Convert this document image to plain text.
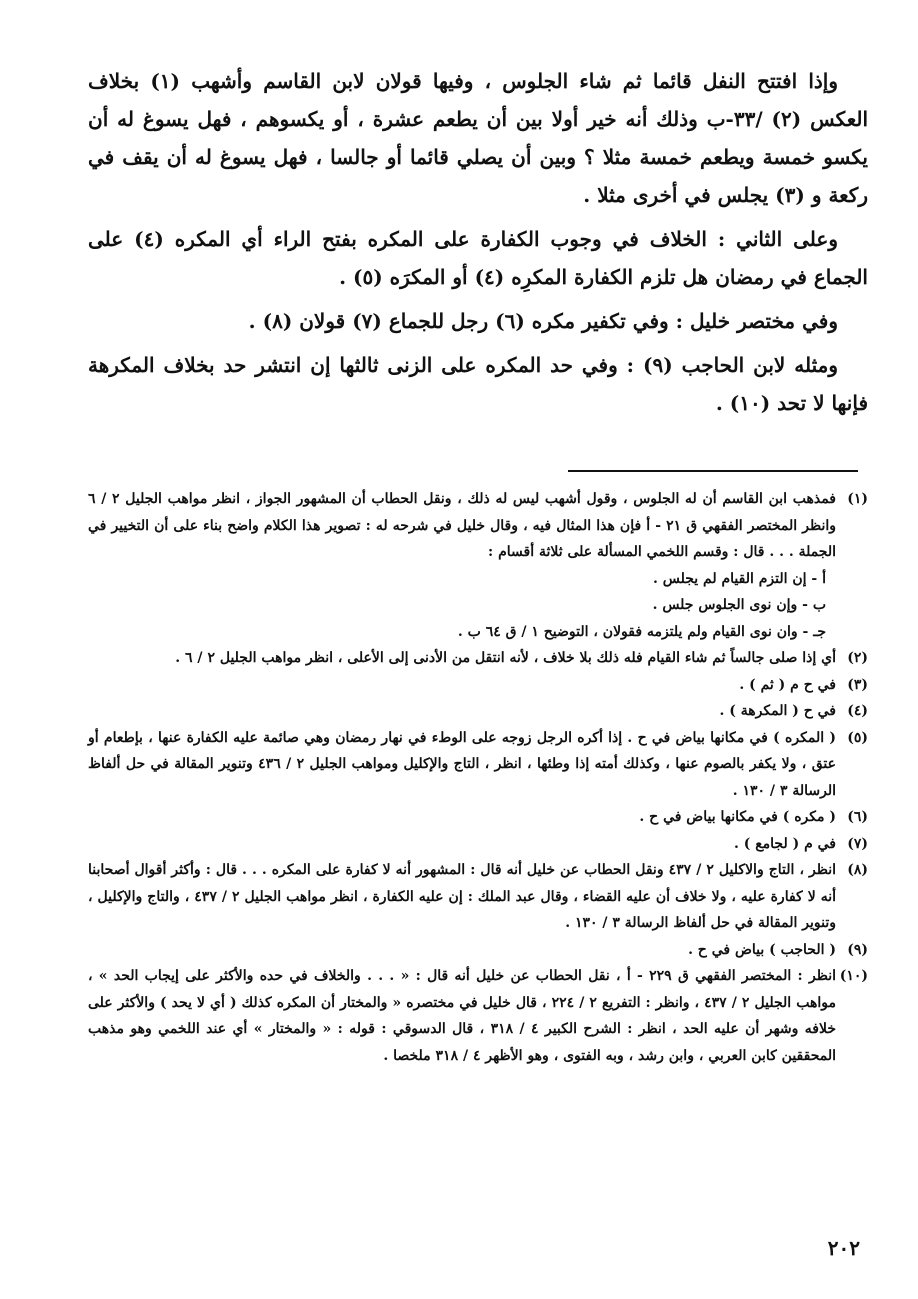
وإذا افتتح النفل قائما ثم شاء الجلوس ، وفيها قولان لابن القاسم وأشهب (١) بخلاف العكس (٢) /٣٣-ب وذلك أنه خير أولا بين أن يطعم عشرة ، أو يكسوهم ، فهل يسوغ له أن يكسو خمسة ويطعم خمسة مثلا ؟ وبين أن يصلي قائما أو جالسا ، فهل يسوغ له أن يقف في ركعة و (٣) يجلس في أخرى مثلا .

وعلى الثاني : الخلاف في وجوب الكفارة على المكره بفتح الراء أي المكره (٤) على الجماع في رمضان هل تلزم الكفارة المكرِه (٤) أو المكرَه (٥) .

وفي مختصر خليل : وفي تكفير مكره (٦) رجل للجماع (٧) قولان (٨) .

ومثله لابن الحاجب (٩) : وفي حد المكره على الزنى ثالثها إن انتشر حد بخلاف المكرهة فإنها لا تحد (١٠) .

(١)
فمذهب ابن القاسم أن له الجلوس ، وقول أشهب ليس له ذلك ، ونقل الحطاب أن المشهور الجواز ، انظر مواهب الجليل ٢ / ٦ وانظر المختصر الفقهي ق ٢١ - أ فإن هذا المثال فيه ، وقال خليل في شرحه له : تصوير هذا الكلام واضح بناء على أن التخيير في الجملة . . . قال : وقسم اللخمي المسألة على ثلاثة أقسام :
أ - إن التزم القيام لم يجلس .
ب - وإن نوى الجلوس جلس .
جـ - وان نوى القيام ولم يلتزمه فقولان ، التوضيح ١ / ق ٦٤ ب .
(٢)
أي إذا صلى جالساً ثم شاء القيام فله ذلك بلا خلاف ، لأنه انتقل من الأدنى إلى الأعلى ، انظر مواهب الجليل ٢ / ٦ .
(٣)
في ح م ( ثم ) .
(٤)
في ح ( المكرهة ) .
(٥)
( المكره ) في مكانها بياض في ح . إذا أكره الرجل زوجه على الوطء في نهار رمضان وهي صائمة عليه الكفارة عنها ، بإطعام أو عتق ، ولا يكفر بالصوم عنها ، وكذلك أمته إذا وطئها ، انظر ، التاج والإكليل ومواهب الجليل ٢ / ٤٣٦ وتنوير المقالة في حل ألفاظ الرسالة ٣ / ١٣٠ .
(٦)
( مكره ) في مكانها بياض في ح .
(٧)
في م ( لجامع ) .
(٨)
انظر ، التاج والاكليل ٢ / ٤٣٧ ونقل الحطاب عن خليل أنه قال : المشهور أنه لا كفارة على المكره . . . قال : وأكثر أقوال أصحابنا أنه لا كفارة عليه ، ولا خلاف أن عليه القضاء ، وقال عبد الملك : إن عليه الكفارة ، انظر مواهب الجليل ٢ / ٤٣٧ ، والتاج والإكليل ، وتنوير المقالة في حل ألفاظ الرسالة ٣ / ١٣٠ .
(٩)
( الحاجب ) بياض في ح .
(١٠)
انظر : المختصر الفقهي ق ٢٢٩ - أ ، نقل الحطاب عن خليل أنه قال : « . . . والخلاف في حده والأكثر على إيجاب الحد » ، مواهب الجليل ٢ / ٤٣٧ ، وانظر : التفريع ٢ / ٢٢٤ ، قال خليل في مختصره « والمختار أن المكره كذلك ( أي لا يحد ) والأكثر على خلافه وشهر أن عليه الحد ، انظر : الشرح الكبير ٤ / ٣١٨ ، قال الدسوقي : قوله : « والمختار » أي عند اللخمي وهو مذهب المحققين كابن العربي ، وابن رشد ، وبه الفتوى ، وهو الأظهر ٤ / ٣١٨ ملخصا .
٢٠٢
